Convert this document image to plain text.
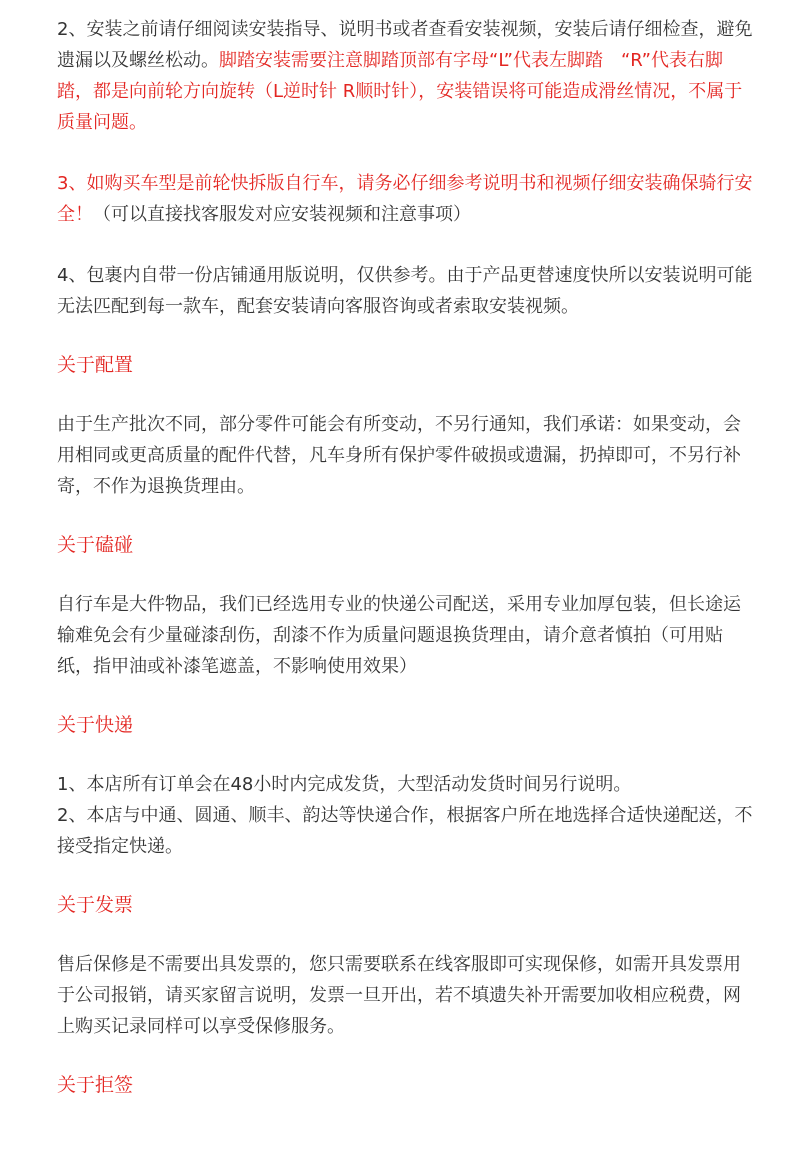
2、安装之前请仔细阅读安装指导、说明书或者查看安装视频，安装后请仔细检查，避免遗漏以及螺丝松动。脚踏安装需要注意脚踏顶部有字母“L”代表左脚踏　“R”代表右脚踏，都是向前轮方向旋转（L逆时针 R顺时针），安装错误将可能造成滑丝情况，不属于质量问题。

3、如购买车型是前轮快拆版自行车，请务必仔细参考说明书和视频仔细安装确保骑行安全！（可以直接找客服发对应安装视频和注意事项）

4、包裹内自带一份店铺通用版说明，仅供参考。由于产品更替速度快所以安装说明可能无法匹配到每一款车，配套安装请向客服咨询或者索取安装视频。

关于配置

由于生产批次不同，部分零件可能会有所变动，不另行通知，我们承诺：如果变动，会用相同或更高质量的配件代替，凡车身所有保护零件破损或遗漏，扔掉即可，不另行补寄，不作为退换货理由。

关于磕碰

自行车是大件物品，我们已经选用专业的快递公司配送，采用专业加厚包装，但长途运输难免会有少量碰漆刮伤，刮漆不作为质量问题退换货理由，请介意者慎拍（可用贴纸，指甲油或补漆笔遮盖，不影响使用效果）

关于快递

1、本店所有订单会在48小时内完成发货，大型活动发货时间另行说明。

2、本店与中通、圆通、顺丰、韵达等快递合作，根据客户所在地选择合适快递配送，不接受指定快递。

关于发票

售后保修是不需要出具发票的，您只需要联系在线客服即可实现保修，如需开具发票用于公司报销，请买家留言说明，发票一旦开出，若不填遗失补开需要加收相应税费，网上购买记录同样可以享受保修服务。

关于拒签
